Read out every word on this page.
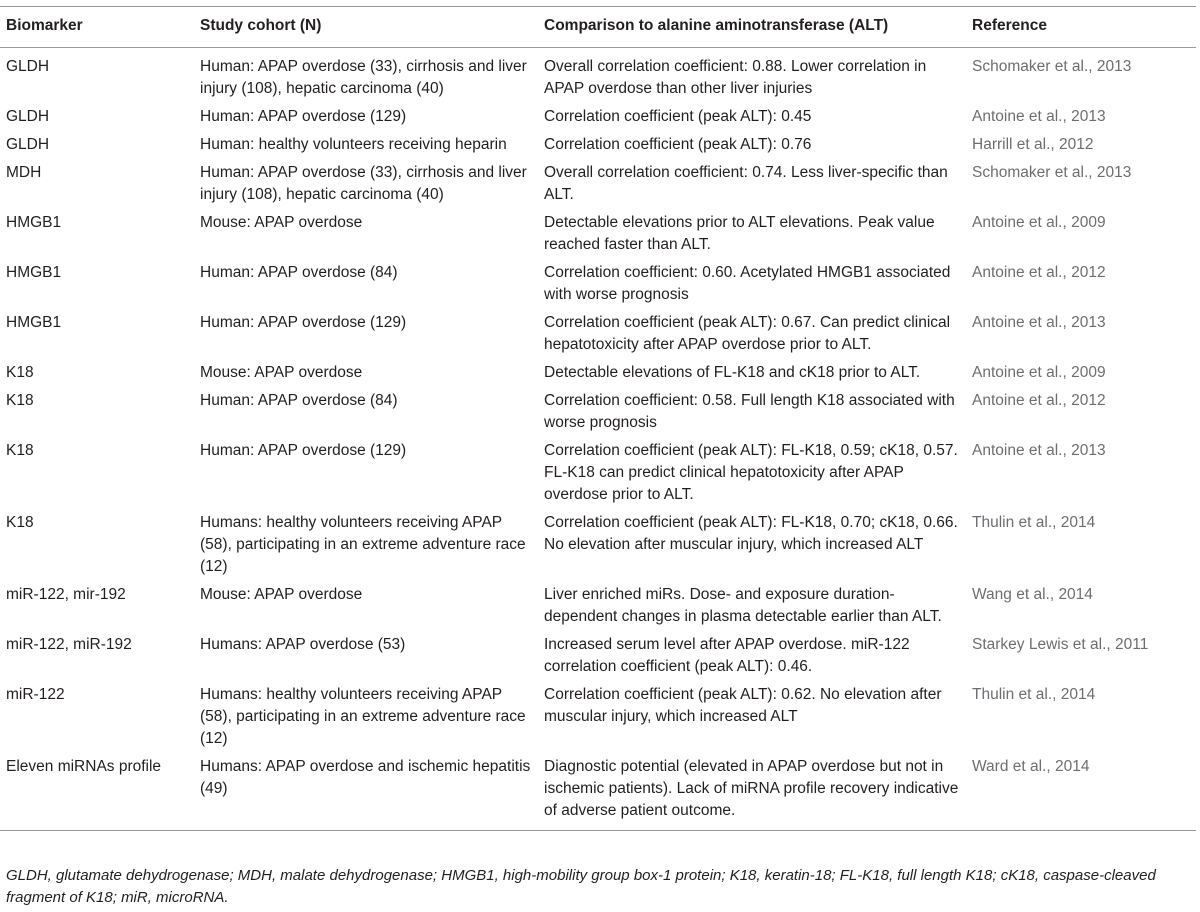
Biomarker	Study cohort (N)	Comparison to alanine aminotransferase (ALT)	Reference
GLDH	Human: APAP overdose (33), cirrhosis and liver injury (108), hepatic carcinoma (40)	Overall correlation coefficient: 0.88. Lower correlation in APAP overdose than other liver injuries	Schomaker et al., 2013
GLDH	Human: APAP overdose (129)	Correlation coefficient (peak ALT): 0.45	Antoine et al., 2013
GLDH	Human: healthy volunteers receiving heparin	Correlation coefficient (peak ALT): 0.76	Harrill et al., 2012
MDH	Human: APAP overdose (33), cirrhosis and liver injury (108), hepatic carcinoma (40)	Overall correlation coefficient: 0.74. Less liver-specific than ALT.	Schomaker et al., 2013
HMGB1	Mouse: APAP overdose	Detectable elevations prior to ALT elevations. Peak value reached faster than ALT.	Antoine et al., 2009
HMGB1	Human: APAP overdose (84)	Correlation coefficient: 0.60. Acetylated HMGB1 associated with worse prognosis	Antoine et al., 2012
HMGB1	Human: APAP overdose (129)	Correlation coefficient (peak ALT): 0.67. Can predict clinical hepatotoxicity after APAP overdose prior to ALT.	Antoine et al., 2013
K18	Mouse: APAP overdose	Detectable elevations of FL-K18 and cK18 prior to ALT.	Antoine et al., 2009
K18	Human: APAP overdose (84)	Correlation coefficient: 0.58. Full length K18 associated with worse prognosis	Antoine et al., 2012
K18	Human: APAP overdose (129)	Correlation coefficient (peak ALT): FL-K18, 0.59; cK18, 0.57. FL-K18 can predict clinical hepatotoxicity after APAP overdose prior to ALT.	Antoine et al., 2013
K18	Humans: healthy volunteers receiving APAP (58), participating in an extreme adventure race (12)	Correlation coefficient (peak ALT): FL-K18, 0.70; cK18, 0.66. No elevation after muscular injury, which increased ALT	Thulin et al., 2014
miR-122, mir-192	Mouse: APAP overdose	Liver enriched miRs. Dose- and exposure duration-dependent changes in plasma detectable earlier than ALT.	Wang et al., 2014
miR-122, miR-192	Humans: APAP overdose (53)	Increased serum level after APAP overdose. miR-122 correlation coefficient (peak ALT): 0.46.	Starkey Lewis et al., 2011
miR-122	Humans: healthy volunteers receiving APAP (58), participating in an extreme adventure race (12)	Correlation coefficient (peak ALT): 0.62. No elevation after muscular injury, which increased ALT	Thulin et al., 2014
Eleven miRNAs profile	Humans: APAP overdose and ischemic hepatitis (49)	Diagnostic potential (elevated in APAP overdose but not in ischemic patients). Lack of miRNA profile recovery indicative of adverse patient outcome.	Ward et al., 2014
GLDH, glutamate dehydrogenase; MDH, malate dehydrogenase; HMGB1, high-mobility group box-1 protein; K18, keratin-18; FL-K18, full length K18; cK18, caspase-cleaved fragment of K18; miR, microRNA.
